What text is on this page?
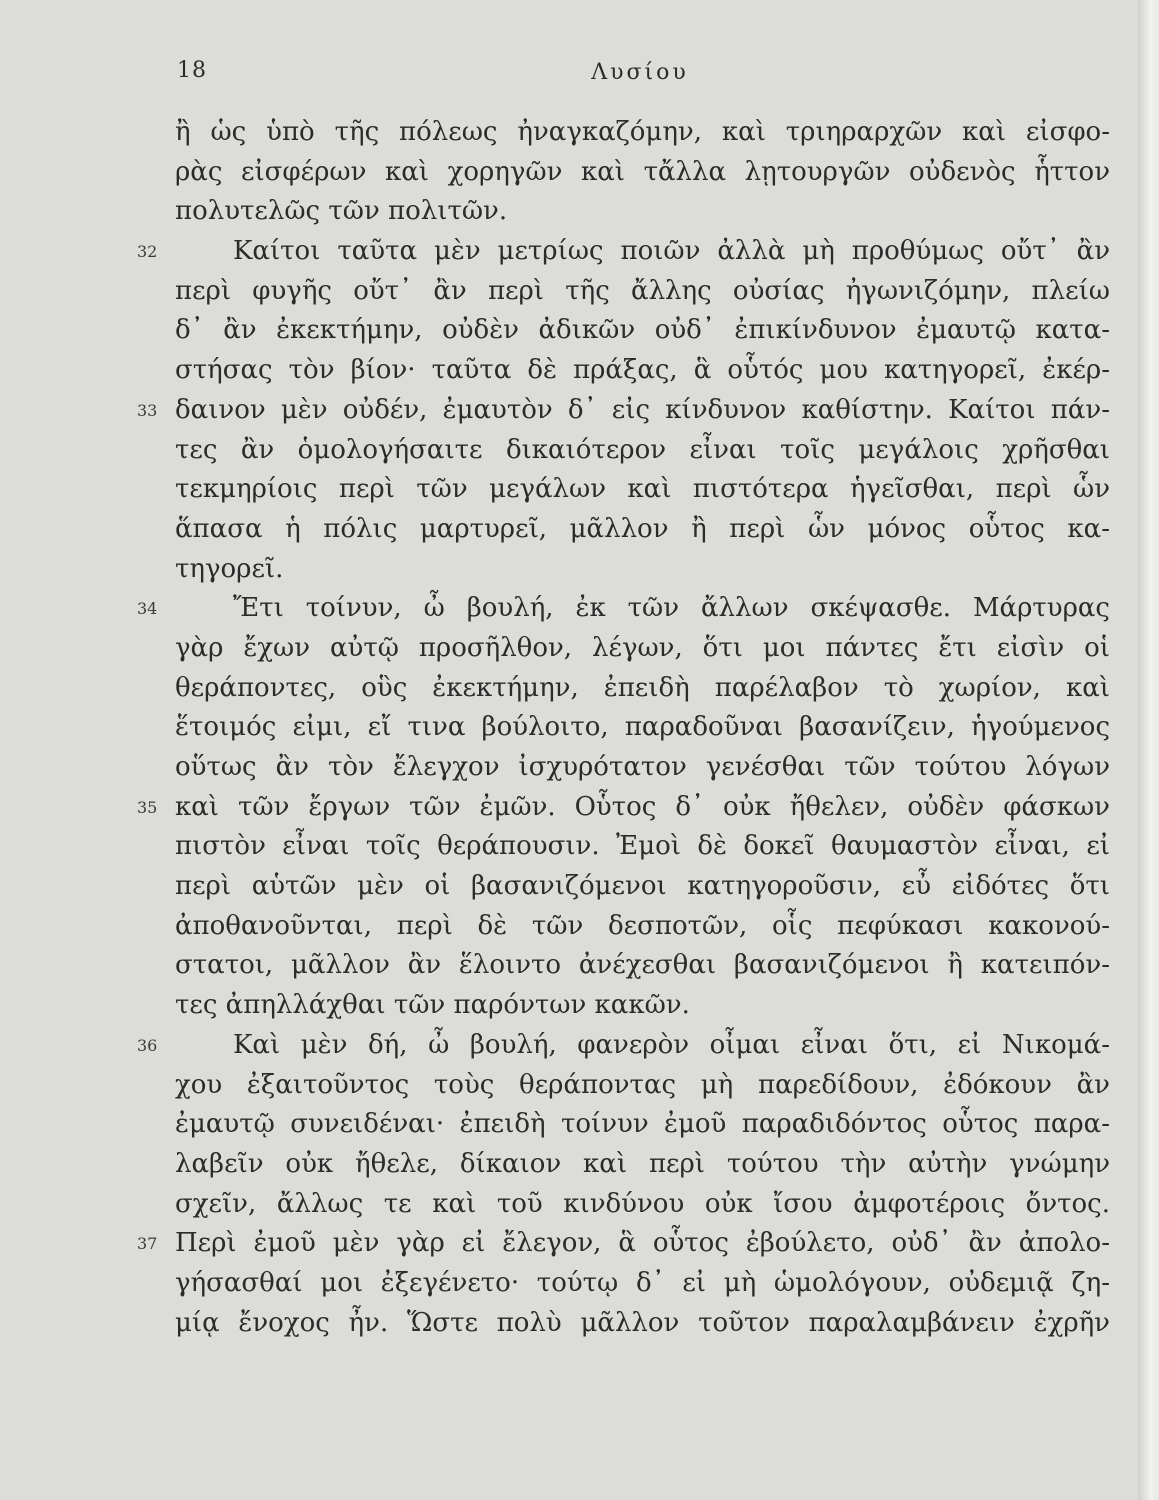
18	Λυσίου
ἢ ὡς ὑπὸ τῆς πόλεως ἠναγκαζόμην, καὶ τριηραρχῶν καὶ εἰσφο-
ρὰς εἰσφέρων καὶ χορηγῶν καὶ τἄλλα λῃτουργῶν οὐδενὸς ἧττον
πολυτελῶς τῶν πολιτῶν.
32	Καίτοι ταῦτα μὲν μετρίως ποιῶν ἀλλὰ μὴ προθύμως οὔτ᾽ ἂν
περὶ φυγῆς οὔτ᾽ ἂν περὶ τῆς ἄλλης οὐσίας ἠγωνιζόμην, πλείω
δ᾽ ἂν ἐκεκτήμην, οὐδὲν ἀδικῶν οὐδ᾽ ἐπικίνδυνον ἐμαυτῷ κατα-
στήσας τὸν βίον· ταῦτα δὲ πράξας, ἃ οὗτός μου κατηγορεῖ, ἐκέρ-
33 δαινον μὲν οὐδέν, ἐμαυτὸν δ᾽ εἰς κίνδυνον καθίστην. Καίτοι πάν-
τες ἂν ὁμολογήσαιτε δικαιότερον εἶναι τοῖς μεγάλοις χρῆσθαι
τεκμηρίοις περὶ τῶν μεγάλων καὶ πιστότερα ἡγεῖσθαι, περὶ ὧν
ἅπασα ἡ πόλις μαρτυρεῖ, μᾶλλον ἢ περὶ ὧν μόνος οὗτος κα-
τηγορεῖ.
34	Ἔτι τοίνυν, ὦ βουλή, ἐκ τῶν ἄλλων σκέψασθε. Μάρτυρας
γὰρ ἔχων αὐτῷ προσῆλθον, λέγων, ὅτι μοι πάντες ἔτι εἰσὶν οἱ
θεράποντες, οὓς ἐκεκτήμην, ἐπειδὴ παρέλαβον τὸ χωρίον, καὶ
ἕτοιμός εἰμι, εἴ τινα βούλοιτο, παραδοῦναι βασανίζειν, ἡγούμενος
οὕτως ἂν τὸν ἔλεγχον ἰσχυρότατον γενέσθαι τῶν τούτου λόγων
35 καὶ τῶν ἔργων τῶν ἐμῶν. Οὗτος δ᾽ οὐκ ἤθελεν, οὐδὲν φάσκων
πιστὸν εἶναι τοῖς θεράπουσιν. Ἐμοὶ δὲ δοκεῖ θαυμαστὸν εἶναι, εἰ
περὶ αὑτῶν μὲν οἱ βασανιζόμενοι κατηγοροῦσιν, εὖ εἰδότες ὅτι
ἀποθανοῦνται, περὶ δὲ τῶν δεσποτῶν, οἷς πεφύκασι κακονού-
στατοι, μᾶλλον ἂν ἕλοιντο ἀνέχεσθαι βασανιζόμενοι ἢ κατειπόν-
τες ἀπηλλάχθαι τῶν παρόντων κακῶν.
36	Καὶ μὲν δή, ὦ βουλή, φανερὸν οἶμαι εἶναι ὅτι, εἰ Νικομά-
χου ἐξαιτοῦντος τοὺς θεράποντας μὴ παρεδίδουν, ἐδόκουν ἂν
ἐμαυτῷ συνειδέναι· ἐπειδὴ τοίνυν ἐμοῦ παραδιδόντος οὗτος παρα-
λαβεῖν οὐκ ἤθελε, δίκαιον καὶ περὶ τούτου τὴν αὐτὴν γνώμην
σχεῖν, ἄλλως τε καὶ τοῦ κινδύνου οὐκ ἴσου ἀμφοτέροις ὄντος.
37 Περὶ ἐμοῦ μὲν γὰρ εἰ ἔλεγον, ἃ οὗτος ἐβούλετο, οὐδ᾽ ἂν ἀπολο-
γήσασθαί μοι ἐξεγένετο· τούτῳ δ᾽ εἰ μὴ ὡμολόγουν, οὐδεμιᾷ ζη-
μίᾳ ἔνοχος ἦν. Ὥστε πολὺ μᾶλλον τοῦτον παραλαμβάνειν ἐχρῆν
